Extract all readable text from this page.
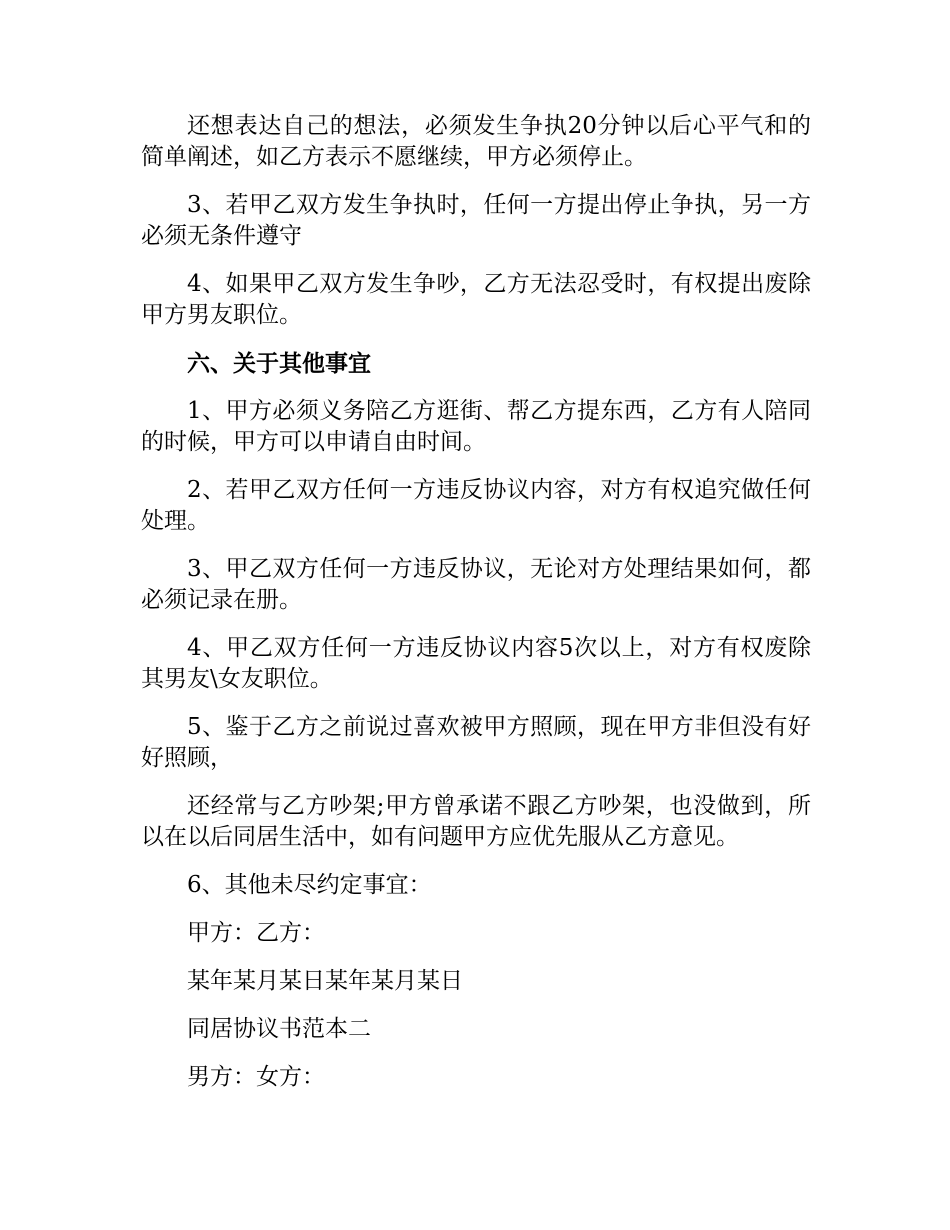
还想表达自己的想法，必须发生争执20分钟以后心平气和的简单阐述，如乙方表示不愿继续，甲方必须停止。

3、若甲乙双方发生争执时，任何一方提出停止争执，另一方必须无条件遵守

4、如果甲乙双方发生争吵，乙方无法忍受时，有权提出废除甲方男友职位。

六、关于其他事宜

1、甲方必须义务陪乙方逛街、帮乙方提东西，乙方有人陪同的时候，甲方可以申请自由时间。

2、若甲乙双方任何一方违反协议内容，对方有权追究做任何处理。

3、甲乙双方任何一方违反协议，无论对方处理结果如何，都必须记录在册。

4、甲乙双方任何一方违反协议内容5次以上，对方有权废除其男友\女友职位。

5、鉴于乙方之前说过喜欢被甲方照顾，现在甲方非但没有好好照顾，

还经常与乙方吵架;甲方曾承诺不跟乙方吵架，也没做到，所以在以后同居生活中，如有问题甲方应优先服从乙方意见。

6、其他未尽约定事宜：

甲方：乙方：

某年某月某日某年某月某日

同居协议书范本二

男方：女方：
